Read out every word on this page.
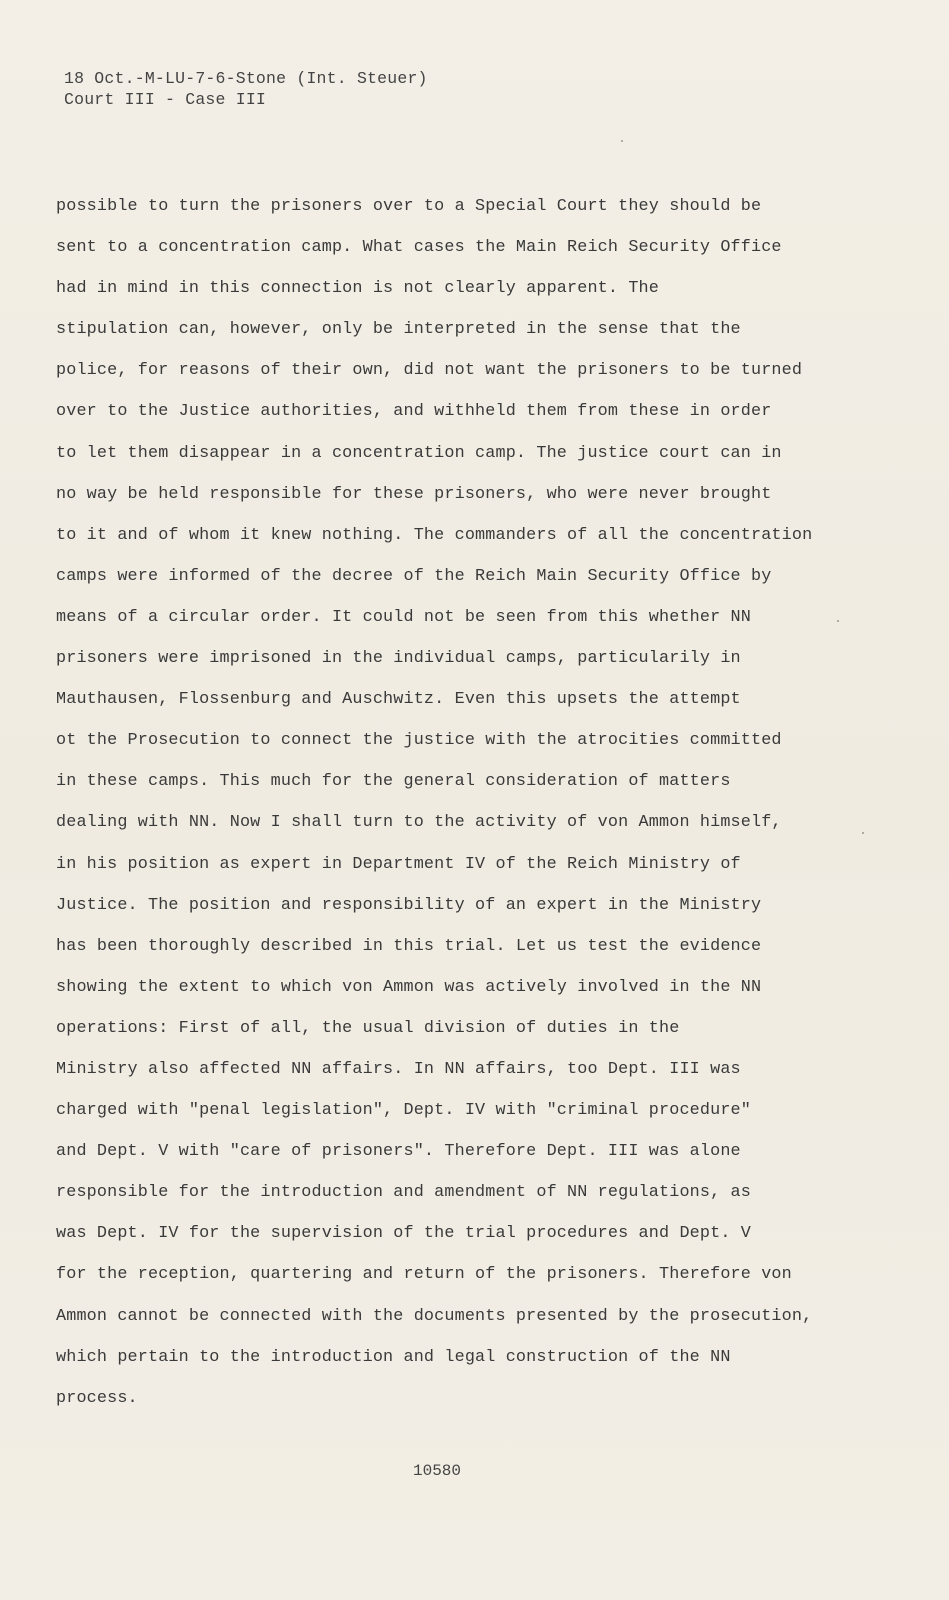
18 Oct.-M-LU-7-6-Stone (Int. Steuer)
Court III - Case III
possible to turn the prisoners over to a Special Court they should be
sent to a concentration camp. What cases the Main Reich Security Office
had in mind in this connection is not clearly apparent. The
stipulation can, however, only be interpreted in the sense that the
police, for reasons of their own, did not want the prisoners to be turned
over to the Justice authorities, and withheld them from these in order
to let them disappear in a concentration camp. The justice court can in
no way be held responsible for these prisoners, who were never brought
to it and of whom it knew nothing. The commanders of all the concentration
camps were informed of the decree of the Reich Main Security Office by
means of a circular order. It could not be seen from this whether NN
prisoners were imprisoned in the individual camps, particularily in
Mauthausen, Flossenburg and Auschwitz. Even this upsets the attempt
ot the Prosecution to connect the justice with the atrocities committed
in these camps. This much for the general consideration of matters
dealing with NN. Now I shall turn to the activity of von Ammon himself,
in his position as expert in Department IV of the Reich Ministry of
Justice. The position and responsibility of an expert in the Ministry
has been thoroughly described in this trial. Let us test the evidence
showing the extent to which von Ammon was actively involved in the NN
operations: First of all, the usual division of duties in the
Ministry also affected NN affairs. In NN affairs, too Dept. III was
charged with "penal legislation", Dept. IV with "criminal procedure"
and Dept. V with "care of prisoners". Therefore Dept. III was alone
responsible for the introduction and amendment of NN regulations, as
was Dept. IV for the supervision of the trial procedures and Dept. V
for the reception, quartering and return of the prisoners. Therefore von
Ammon cannot be connected with the documents presented by the prosecution,
which pertain to the introduction and legal construction of the NN
process.
10580
